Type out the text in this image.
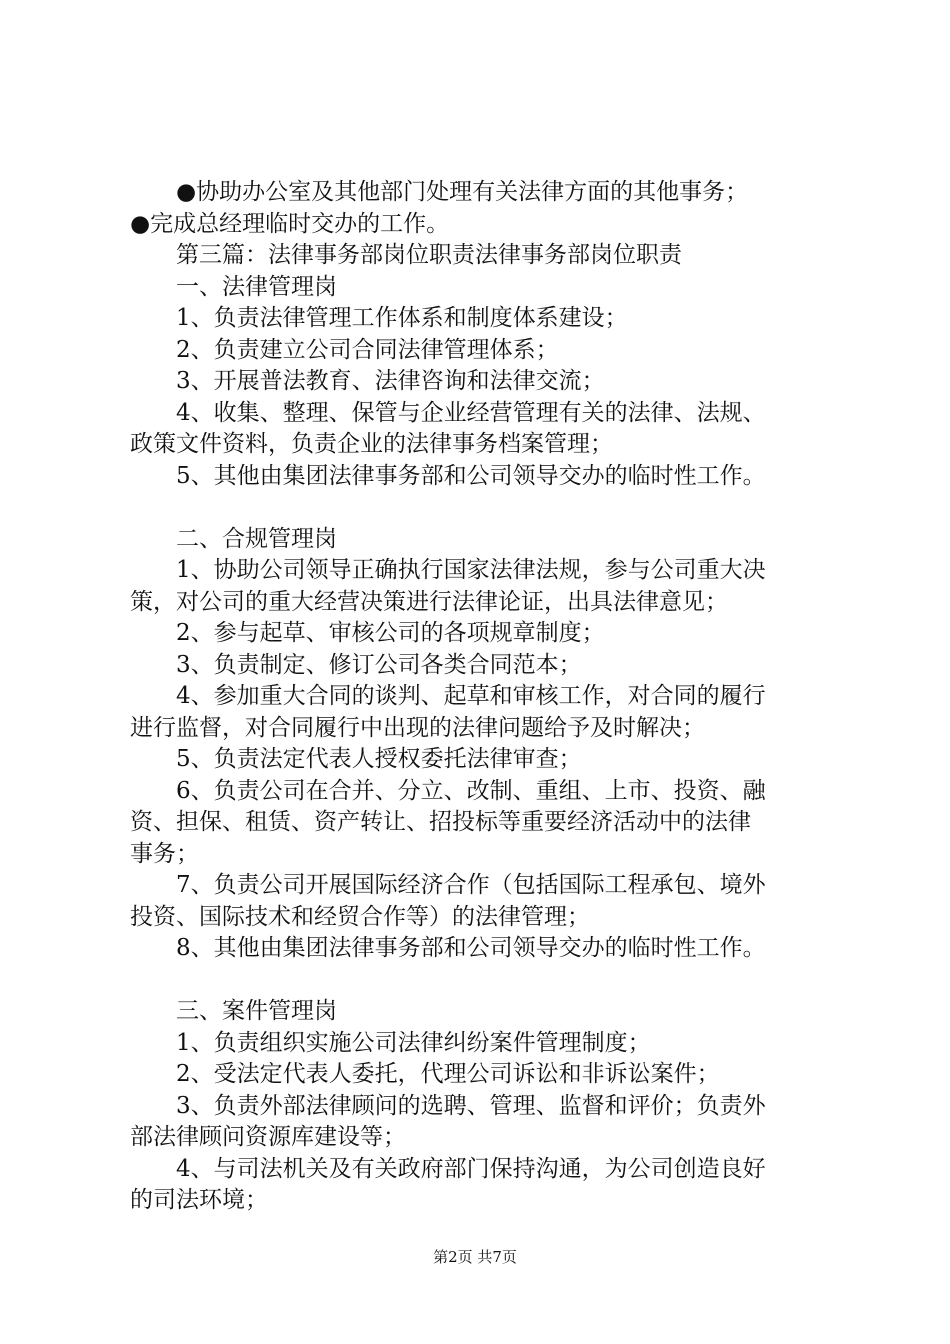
●协助办公室及其他部门处理有关法律方面的其他事务；
●完成总经理临时交办的工作。
第三篇：法律事务部岗位职责法律事务部岗位职责
一、法律管理岗
1、负责法律管理工作体系和制度体系建设；
2、负责建立公司合同法律管理体系；
3、开展普法教育、法律咨询和法律交流；
4、收集、整理、保管与企业经营管理有关的法律、法规、
政策文件资料，负责企业的法律事务档案管理；
5、其他由集团法律事务部和公司领导交办的临时性工作。
二、合规管理岗
1、协助公司领导正确执行国家法律法规，参与公司重大决
策，对公司的重大经营决策进行法律论证，出具法律意见；
2、参与起草、审核公司的各项规章制度；
3、负责制定、修订公司各类合同范本；
4、参加重大合同的谈判、起草和审核工作，对合同的履行
进行监督，对合同履行中出现的法律问题给予及时解决；
5、负责法定代表人授权委托法律审查；
6、负责公司在合并、分立、改制、重组、上市、投资、融
资、担保、租赁、资产转让、招投标等重要经济活动中的法律
事务；
7、负责公司开展国际经济合作（包括国际工程承包、境外
投资、国际技术和经贸合作等）的法律管理；
8、其他由集团法律事务部和公司领导交办的临时性工作。
三、案件管理岗
1、负责组织实施公司法律纠纷案件管理制度；
2、受法定代表人委托，代理公司诉讼和非诉讼案件；
3、负责外部法律顾问的选聘、管理、监督和评价；负责外
部法律顾问资源库建设等；
4、与司法机关及有关政府部门保持沟通，为公司创造良好
的司法环境；
第2页 共7页
